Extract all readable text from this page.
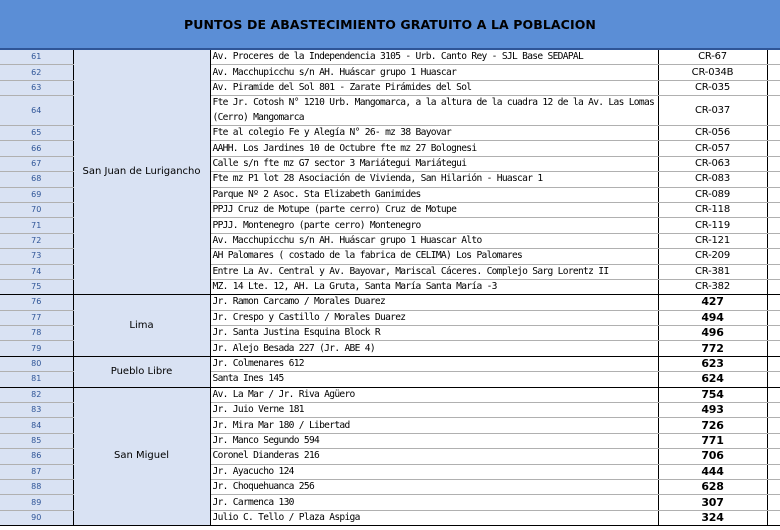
PUNTOS DE ABASTECIMIENTO GRATUITO A LA POBLACION
61	San Juan de Lurigancho	Av. Proceres de la Independencia 3105 - Urb. Canto Rey - SJL Base SEDAPAL	CR-67	
62		Av. Macchupicchu s/n AH. Huáscar grupo 1 Huascar	CR-034B	
63		Av. Piramide del Sol 801 - Zarate Pirámides del Sol	CR-035	
64		Fte Jr. Cotosh N° 1210 Urb. Mangomarca, a la altura de la cuadra 12 de la Av. Las Lomas (Cerro) Mangomarca	CR-037	
65		Fte al colegio Fe y Alegía N° 26- mz 38 Bayovar	CR-056	
66		AAHH. Los Jardines 10 de Octubre fte mz 27 Bolognesi	CR-057	
67		Calle s/n fte mz G7 sector 3 Mariátegui Mariátegui	CR-063	
68		Fte mz P1 lot 28 Asociación de Vivienda, San Hilarión - Huascar 1	CR-083	
69		Parque Nº 2 Asoc. Sta Elizabeth Ganimides	CR-089	
70		PPJJ Cruz de Motupe (parte cerro) Cruz de Motupe	CR-118	
71		PPJJ. Montenegro (parte cerro) Montenegro	CR-119	
72		Av. Macchupicchu s/n AH. Huáscar grupo 1 Huascar Alto	CR-121	
73		AH Palomares ( costado de la fabrica de CELIMA) Los Palomares	CR-209	
74		Entre La Av. Central y Av. Bayovar, Mariscal Cáceres. Complejo Sarg Lorentz II	CR-381	
75		MZ. 14 Lte. 12, AH. La Gruta, Santa María Santa María -3	CR-382	
76	Lima	Jr. Ramon Carcamo / Morales Duarez	427	
77		Jr. Crespo y Castillo / Morales Duarez	494	
78		Jr. Santa Justina Esquina Block R	496	
79		Jr. Alejo Besada 227 (Jr. ABE 4)	772	
80	Pueblo Libre	Jr. Colmenares 612	623	
81		Santa Ines 145	624	
82	San Miguel	Av. La Mar / Jr. Riva Agüero	754	
83		Jr. Juio Verne 181	493	
84		Jr. Mira Mar 180 / Libertad	726	
85		Jr. Manco Segundo 594	771	
86		Coronel Dianderas 216	706	
87		Jr. Ayacucho 124	444	
88		Jr. Choquehuanca 256	628	
89		Jr. Carmenca 130	307	
90		Julio C. Tello / Plaza Aspiga	324	
